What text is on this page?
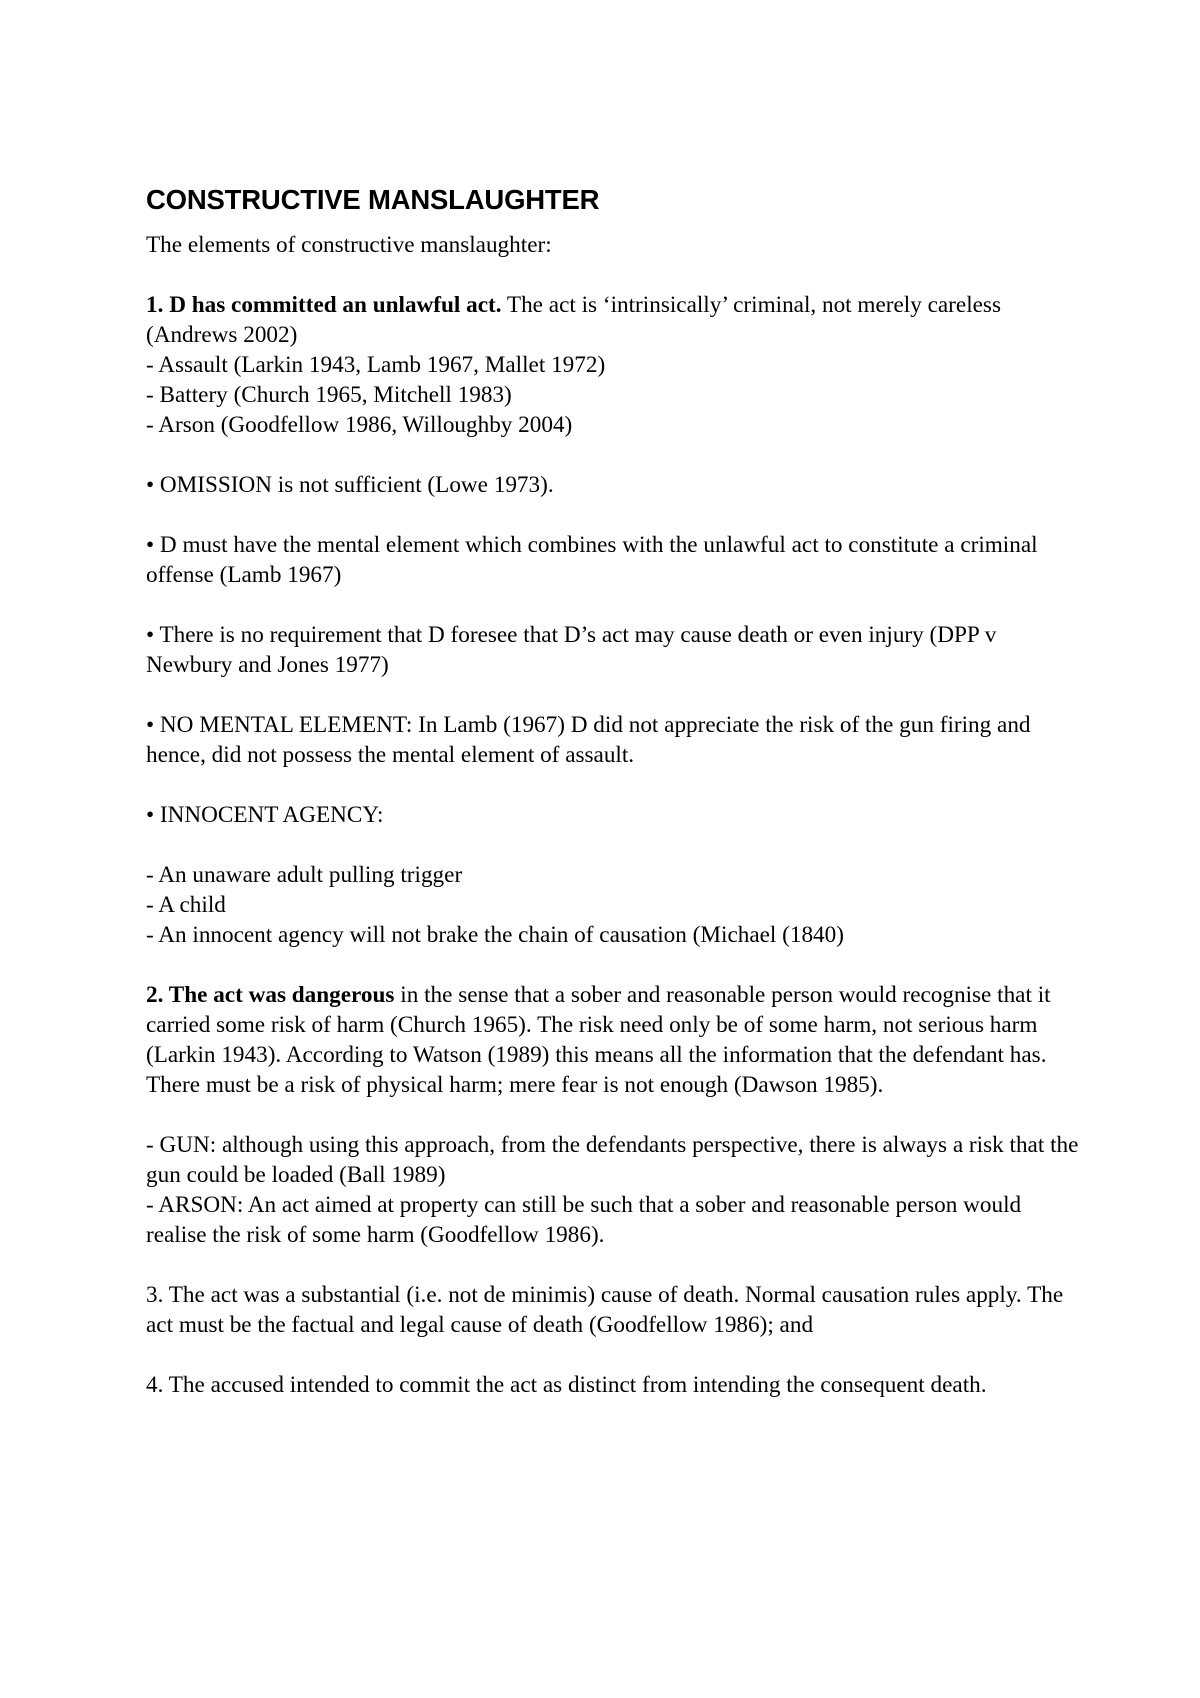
CONSTRUCTIVE MANSLAUGHTER

The elements of constructive manslaughter:

1. D has committed an unlawful act. The act is ‘intrinsically’ criminal, not merely careless (Andrews 2002)
- Assault (Larkin 1943, Lamb 1967, Mallet 1972)
- Battery (Church 1965, Mitchell 1983)
- Arson (Goodfellow 1986, Willoughby 2004)

• OMISSION is not sufficient (Lowe 1973).

• D must have the mental element which combines with the unlawful act to constitute a criminal offense (Lamb 1967)

• There is no requirement that D foresee that D’s act may cause death or even injury (DPP v Newbury and Jones 1977)

• NO MENTAL ELEMENT: In Lamb (1967) D did not appreciate the risk of the gun firing and hence, did not possess the mental element of assault.

• INNOCENT AGENCY:

- An unaware adult pulling trigger
- A child
- An innocent agency will not brake the chain of causation (Michael (1840)

2. The act was dangerous in the sense that a sober and reasonable person would recognise that it carried some risk of harm (Church 1965). The risk need only be of some harm, not serious harm (Larkin 1943). According to Watson (1989) this means all the information that the defendant has. There must be a risk of physical harm; mere fear is not enough (Dawson 1985).

- GUN: although using this approach, from the defendants perspective, there is always a risk that the gun could be loaded (Ball 1989)
- ARSON: An act aimed at property can still be such that a sober and reasonable person would realise the risk of some harm (Goodfellow 1986).

3. The act was a substantial (i.e. not de minimis) cause of death. Normal causation rules apply. The act must be the factual and legal cause of death (Goodfellow 1986); and

4. The accused intended to commit the act as distinct from intending the consequent death.
